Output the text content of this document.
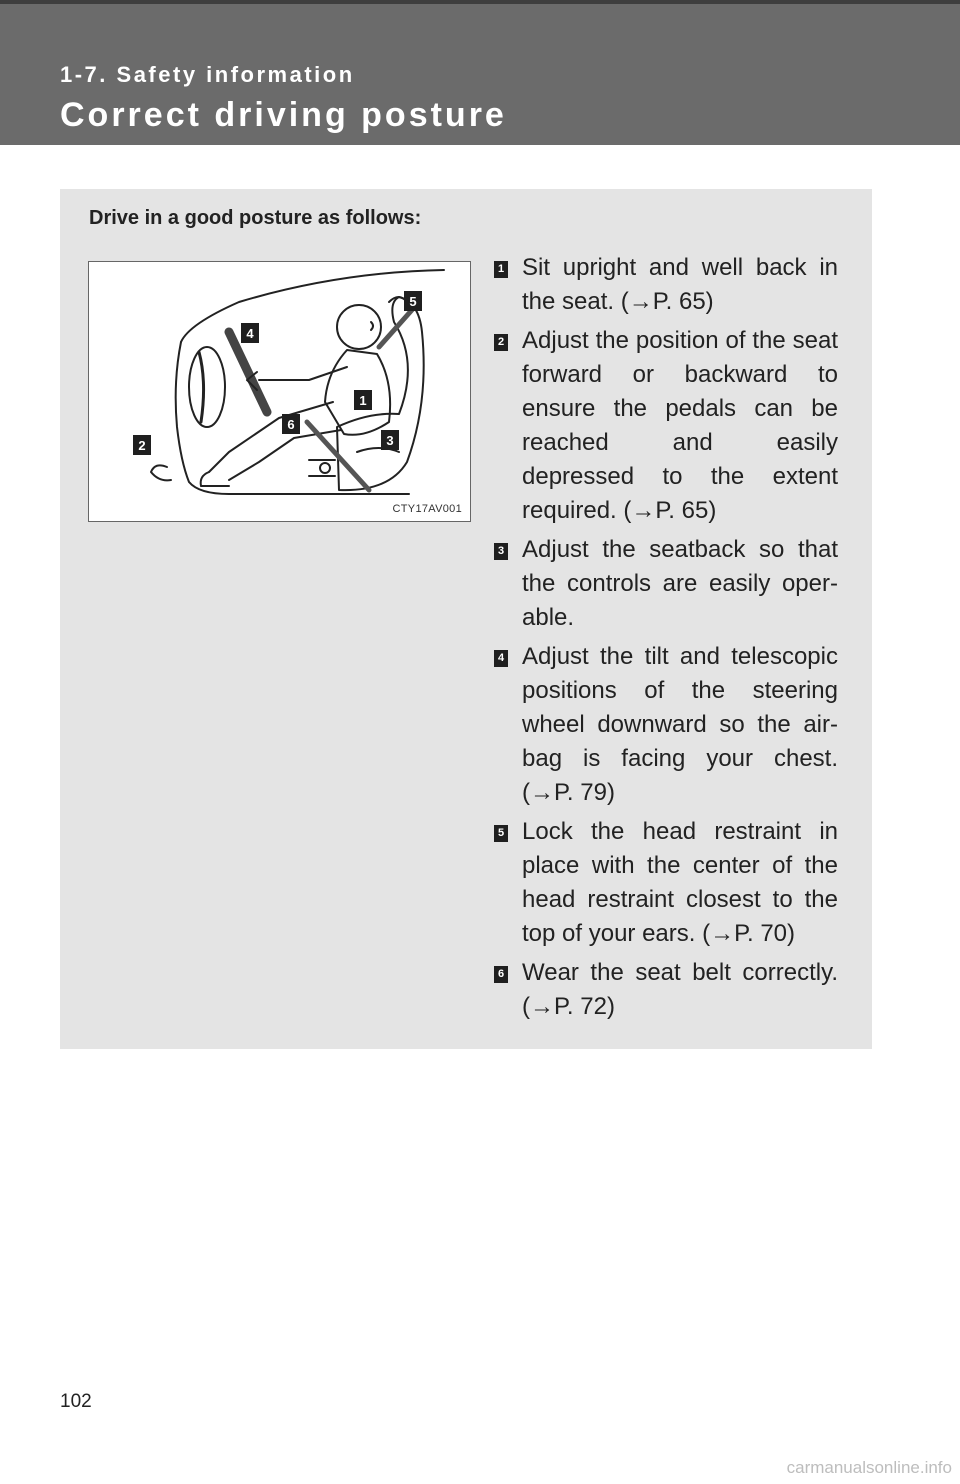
1-7. Safety information
Correct driving posture
Drive in a good posture as follows:
1
2	3
4
5
6
CTY17AV001
1 Sit upright and well back in the seat. (→P. 65)
2 Adjust the position of the seat forward or backward to ensure the pedals can be reached and easily depressed to the extent required. (→P. 65)
3 Adjust the seatback so that the controls are easily oper-able.
4 Adjust the tilt and telescopic positions of the steering wheel downward so the air-bag is facing your chest. (→P. 79)
5 Lock the head restraint in place with the center of the head restraint closest to the top of your ears. (→P. 70)
6 Wear the seat belt correctly. (→P. 72)
102
carmanualsonline.info
